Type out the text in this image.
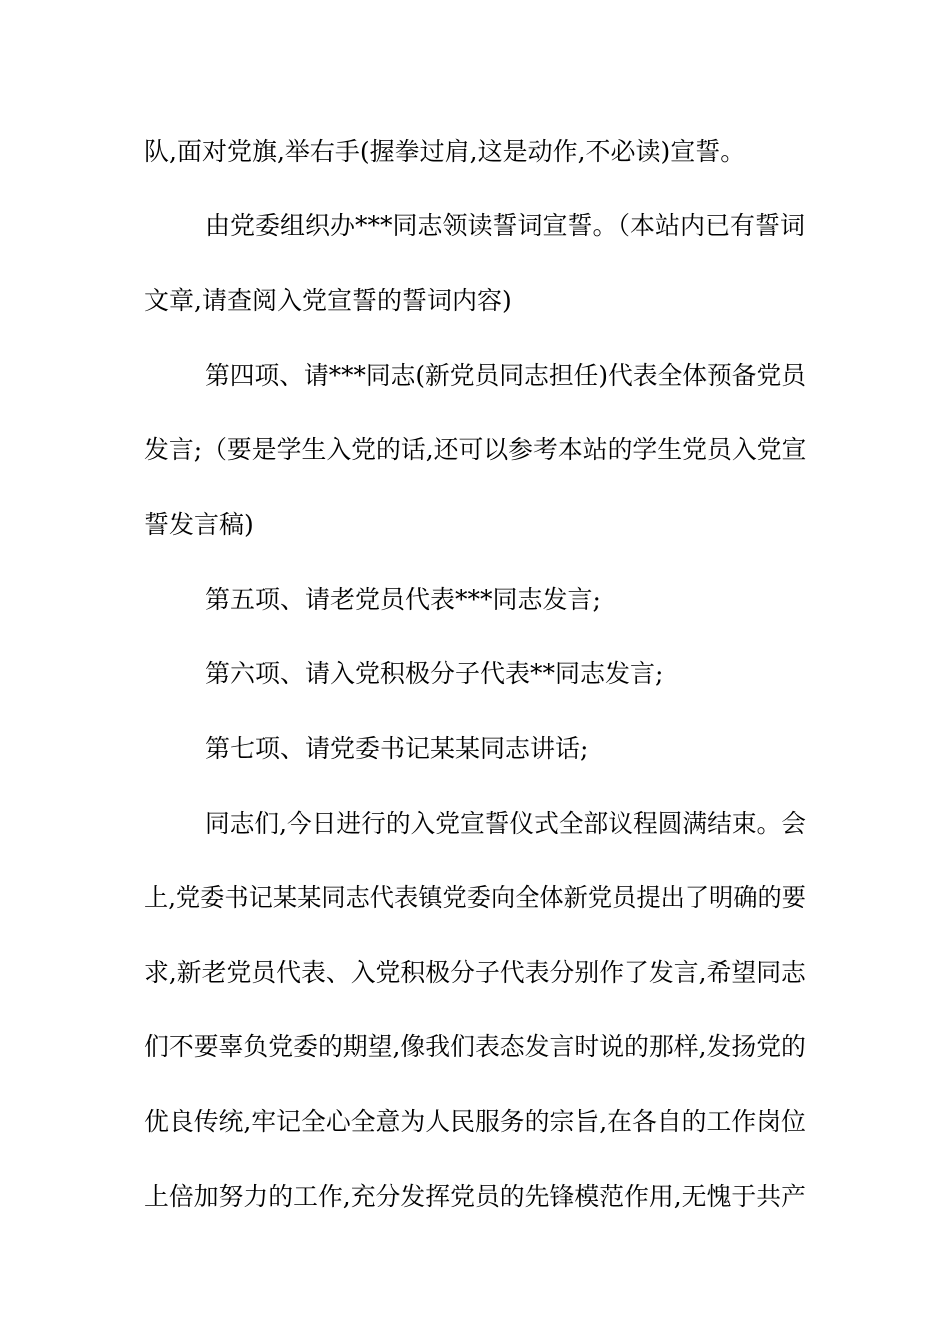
队,面对党旗,举右手(握拳过肩,这是动作,不必读)宣誓。
由党委组织办***同志领读誓词宣誓。（本站内已有誓词
文章,请查阅入党宣誓的誓词内容)
第四项、请***同志(新党员同志担任)代表全体预备党员
发言;（要是学生入党的话,还可以参考本站的学生党员入党宣
誓发言稿)
第五项、请老党员代表***同志发言;
第六项、请入党积极分子代表**同志发言;
第七项、请党委书记某某同志讲话;
同志们,今日进行的入党宣誓仪式全部议程圆满结束。会
上,党委书记某某同志代表镇党委向全体新党员提出了明确的要
求,新老党员代表、入党积极分子代表分别作了发言,希望同志
们不要辜负党委的期望,像我们表态发言时说的那样,发扬党的
优良传统,牢记全心全意为人民服务的宗旨,在各自的工作岗位
上倍加努力的工作,充分发挥党员的先锋模范作用,无愧于共产
